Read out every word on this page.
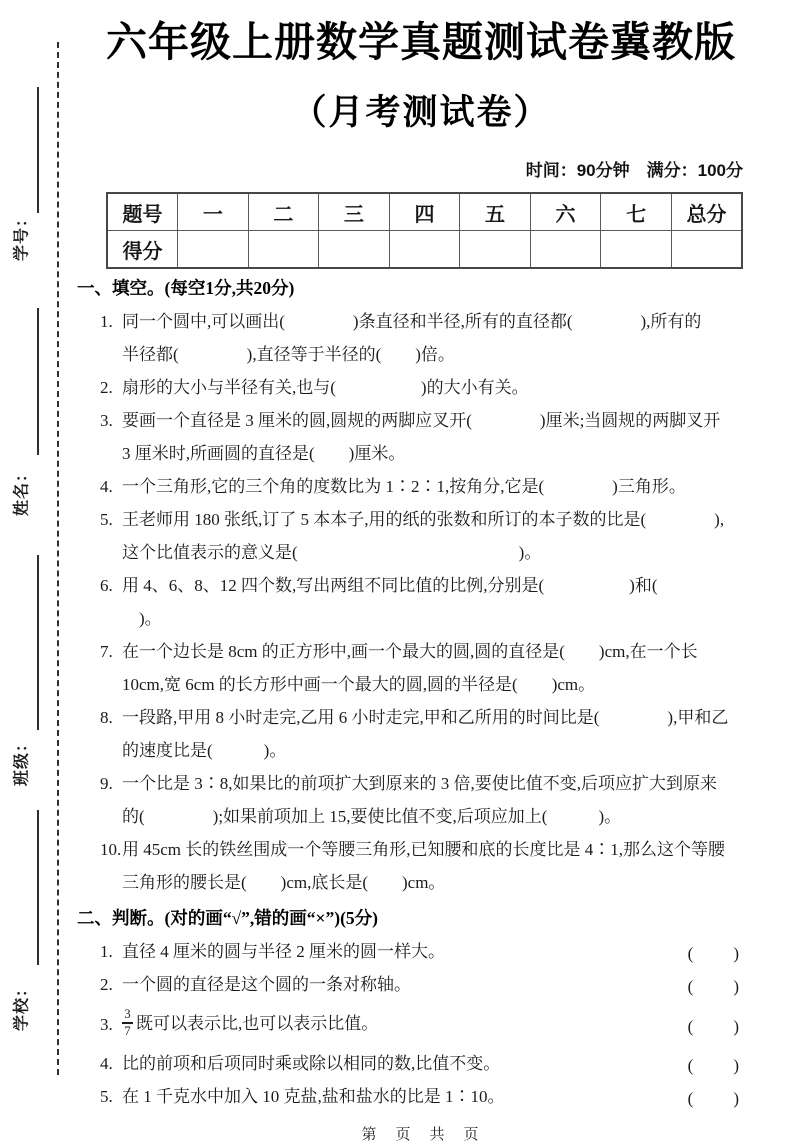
学号：
姓名：
班级：
学校：
六年级上册数学真题测试卷冀教版
（月考测试卷）
时间：90分钟　满分：100分
题号	一	二	三	四	五	六	七	总分
得分								
一、填空。(每空1分,共20分)
1. 同一个圆中,可以画出(　　　　)条直径和半径,所有的直径都(　　　　),所有的
半径都(　　　　),直径等于半径的(　　)倍。
2. 扇形的大小与半径有关,也与(　　　　　)的大小有关。
3. 要画一个直径是 3 厘米的圆,圆规的两脚应叉开(　　　　)厘米;当圆规的两脚叉开
3 厘米时,所画圆的直径是(　　)厘米。
4. 一个三角形,它的三个角的度数比为 1∶2∶1,按角分,它是(　　　　)三角形。
5. 王老师用 180 张纸,订了 5 本本子,用的纸的张数和所订的本子数的比是(　　　　),
这个比值表示的意义是(　　　　　　　　　　　　　)。
6. 用 4、6、8、12 四个数,写出两组不同比值的比例,分别是(　　　　　)和(
　)。
7. 在一个边长是 8cm 的正方形中,画一个最大的圆,圆的直径是(　　)cm,在一个长
10cm,宽 6cm 的长方形中画一个最大的圆,圆的半径是(　　)cm。
8. 一段路,甲用 8 小时走完,乙用 6 小时走完,甲和乙所用的时间比是(　　　　),甲和乙
的速度比是(　　　)。
9. 一个比是 3∶8,如果比的前项扩大到原来的 3 倍,要使比值不变,后项应扩大到原来
的(　　　　);如果前项加上 15,要使比值不变,后项应加上(　　　)。
10. 用 45cm 长的铁丝围成一个等腰三角形,已知腰和底的长度比是 4∶1,那么这个等腰
三角形的腰长是(　　)cm,底长是(　　)cm。
二、判断。(对的画“√”,错的画“×”)(5分)
1. 直径 4 厘米的圆与半径 2 厘米的圆一样大。	(　　)
2. 一个圆的直径是这个圆的一条对称轴。	(　　)
3. $\frac{3}{7}$ 既可以表示比,也可以表示比值。	(　　)
4. 比的前项和后项同时乘或除以相同的数,比值不变。	(　　)
5. 在 1 千克水中加入 10 克盐,盐和盐水的比是 1∶10。	(　　)
第　页　共　页
